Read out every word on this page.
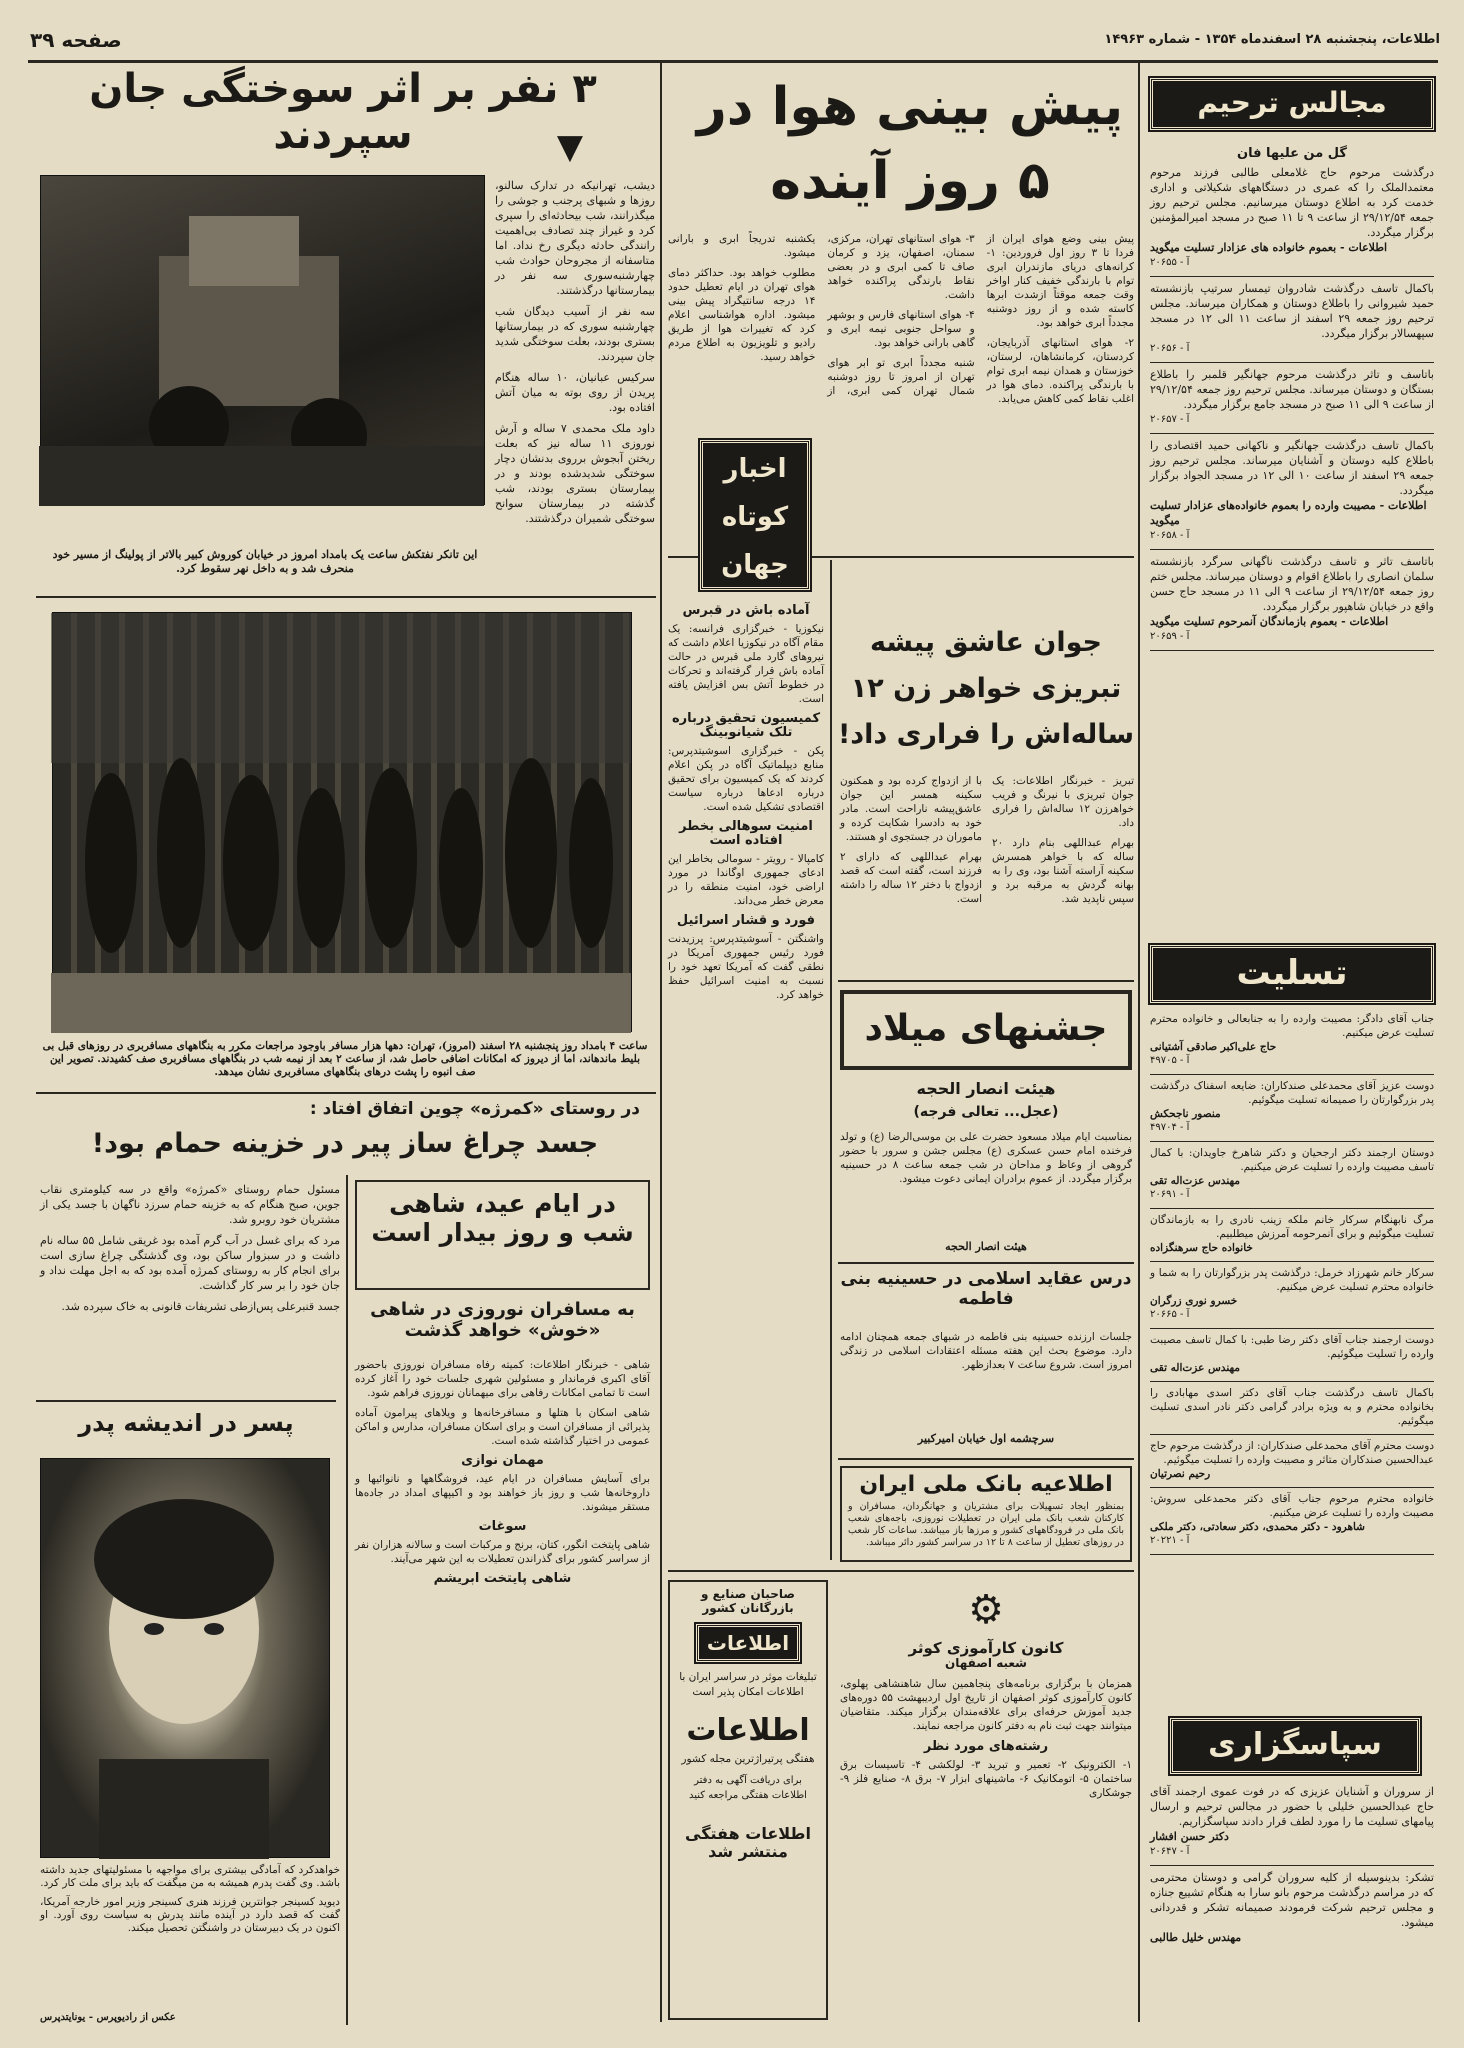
صفحه ۳۹	اطلاعات، پنجشنبه ۲۸ اسفندماه ۱۳۵۴ - شماره ۱۴۹۶۳
۳ نفر بر اثر سوختگی جان سپردند	▼

دیشب، تهرانیکه در تدارک سالنو، روزها و شبهای پرجنب و جوشی را میگذرانند، شب بیحادثه‌ای را سپری کرد و غیراز چند تصادف بی‌اهمیت رانندگی حادثه دیگری رخ نداد. اما متاسفانه از مجروحان حوادث شب چهارشنبه‌سوری سه نفر در بیمارستانها درگذشتند.

سه نفر از آسیب دیدگان شب چهارشنبه سوری که در بیمارستانها بستری بودند، بعلت سوختگی شدید جان سپردند.

سرکیس عبانیان، ۱۰ ساله هنگام پریدن از روی بوته به میان آتش افتاده بود.

داود ملک محمدی ۷ ساله و آرش نوروزی ۱۱ ساله نیز که بعلت ریختن آبجوش برروی بدنشان دچار سوختگی شدیدشده بودند و در بیمارستان بستری بودند، شب گذشته در بیمارستان سوانح سوختگی شمیران درگذشتند.

این تانکر نفتکش ساعت یک بامداد امروز در خیابان کوروش کبیر بالاتر از پولینگ از مسیر خود منحرف شد و به داخل نهر سقوط کرد.
ساعت ۴ بامداد روز پنجشنبه ۲۸ اسفند (امروز)، تهران: دهها هزار مسافر باوجود مراجعات مکرر به بنگاههای مسافربری در روزهای قبل بی بلیط ماندهاند، اما از دیروز که امکانات اضافی حاصل شد، از ساعت ۲ بعد از نیمه شب در بنگاههای مسافربری صف کشیدند. تصویر این صف انبوه را پشت درهای بنگاههای مسافربری نشان میدهد.
در روستای «کمرژه» چوین اتفاق افتاد :
جسد چراغ ساز پیر در خزینه حمام بود!

مسئول حمام روستای «کمرژه» واقع در سه کیلومتری نقاب جوین، صبح هنگام که به خزینه حمام سرزد ناگهان با جسد یکی از مشتریان خود روبرو شد.

مرد که برای غسل در آب گرم آمده بود غریقی شامل ۵۵ ساله نام داشت و در سبزوار ساکن بود، وی گذشتگی چراغ سازی است برای انجام کار به روستای کمرژه آمده بود که به اجل مهلت نداد و جان خود را بر سر کار گذاشت.

جسد قنبرعلی پس‌ازطی تشریفات قانونی به خاک سپرده شد.

پسر در اندیشه پدر

خواهدکرد که آمادگی بیشتری برای مواجهه با مسئولیتهای جدید داشته باشد. وی گفت پدرم همیشه به من میگفت که باید برای ملت کار کرد.

دیوید کسینجر جوانترین فرزند هنری کسینجر وزیر امور خارجه آمریکا، گفت که قصد دارد در آینده مانند پدرش به سیاست روی آورد. او اکنون در یک دبیرستان در واشنگتن تحصیل میکند.

عکس از رادیوپرس - یونایتدپرس
در ایام عید، شاهی شب و روز بیدار است
به مسافران نوروزی در شاهی «خوش» خواهد گذشت

شاهی - خبرنگار اطلاعات: کمیته رفاه مسافران نوروزی باحضور آقای اکبری فرماندار و مسئولین شهری جلسات خود را آغاز کرده است تا تمامی امکانات رفاهی برای میهمانان نوروزی فراهم شود.

شاهی اسکان با هتلها و مسافرخانه‌ها و ویلاهای پیرامون آماده پذیرائی از مسافران است و برای اسکان مسافران، مدارس و اماکن عمومی در اختیار گذاشته شده است.

مهمان نوازی

برای آسایش مسافران در ایام عید، فروشگاهها و نانوائیها و داروخانه‌ها شب و روز باز خواهند بود و اکیپهای امداد در جاده‌ها مستقر میشوند.

سوغات

شاهی پایتخت انگور، کتان، برنج و مرکبات است و سالانه هزاران نفر از سراسر کشور برای گذراندن تعطیلات به این شهر می‌آیند.

شاهی پایتخت ابریشم
پیش بینی هوا در ۵ روز آینده

پیش بینی وضع هوای ایران از فردا تا ۳ روز اول فروردین: ۱- کرانه‌های دریای مازندران ابری توام با بارندگی خفیف کنار اواخر وقت جمعه موقتاً ازشدت ابرها کاسته شده و از روز دوشنبه مجدداً ابری خواهد بود.

۲- هوای استانهای آذربایجان، کردستان، کرمانشاهان، لرستان، خوزستان و همدان نیمه ابری توام با بارندگی پراکنده. دمای هوا در اغلب نقاط کمی کاهش می‌یابد.

۳- هوای استانهای تهران، مرکزی، سمنان، اصفهان، یزد و کرمان صاف تا کمی ابری و در بعضی نقاط بارندگی پراکنده خواهد داشت.

۴- هوای استانهای فارس و بوشهر و سواحل جنوبی نیمه ابری و گاهی بارانی خواهد بود.

شنبه مجدداً ابری تو ابر هوای تهران از امروز تا روز دوشنبه شمال تهران کمی ابری، از یکشنبه تدریجاً ابری و بارانی میشود.

مطلوب خواهد بود. حداکثر دمای هوای تهران در ایام تعطیل حدود ۱۴ درجه سانتیگراد پیش بینی میشود. اداره هواشناسی اعلام کرد که تغییرات هوا از طریق رادیو و تلویزیون به اطلاع مردم خواهد رسید.

اخبار کوتاه جهان
آماده باش در قبرس

نیکوزیا - خبرگزاری فرانسه: یک مقام آگاه در نیکوزیا اعلام داشت که نیروهای گارد ملی قبرس در حالت آماده باش قرار گرفته‌اند و تحرکات در خطوط آتش بس افزایش یافته است.

کمیسیون تحقیق درباره تلک شیانوبینگ

پکن - خبرگزاری اسوشیتدپرس: منابع دیپلماتیک آگاه در پکن اعلام کردند که یک کمیسیون برای تحقیق درباره ادعاها درباره سیاست اقتصادی تشکیل شده است.

امنیت سوهالی بخطر افتاده است

کامپالا - رویتر - سومالی بخاطر این ادعای جمهوری اوگاندا در مورد اراضی خود، امنیت منطقه را در معرض خطر می‌داند.

فورد و قشار اسرائیل

واشنگتن - آسوشیتدپرس: پرزیدنت فورد رئیس جمهوری آمریکا در نطقی گفت که آمریکا تعهد خود را نسبت به امنیت اسرائیل حفظ خواهد کرد.

جوان عاشق پیشه تبریزی خواهر زن ۱۲ ساله‌اش را فراری داد!

تبریز - خبرنگار اطلاعات: یک جوان تبریزی با نیرنگ و فریب خواهرزن ۱۲ ساله‌اش را فراری داد.

بهرام عبداللهی بنام دارد ۲۰ ساله که با خواهر همسرش سکینه آراسته آشنا بود، وی را به بهانه گردش به مرقبه برد و سپس ناپدید شد.

با از ازدواج کرده بود و همکنون سکینه همسر این جوان عاشق‌پیشه ناراحت است. مادر خود به دادسرا شکایت کرده و ماموران در جستجوی او هستند.

بهرام عبداللهی که دارای ۲ فرزند است، گفته است که قصد ازدواج با دختر ۱۲ ساله را داشته است.

جشنهای میلاد
هیئت انصار الحجه
(عجل... تعالی فرجه)
بمناسبت ایام میلاد مسعود حضرت علی بن موسی‌الرضا (ع) و تولد فرخنده امام حسن عسکری (ع) مجلس جشن و سرور با حضور گروهی از وعاظ و مداحان در شب جمعه ساعت ۸ در حسینیه برگزار میگردد. از عموم برادران ایمانی دعوت میشود.
هیئت انصار الحجه
درس عقاید اسلامی در حسینیه بنی فاطمه
جلسات ارزنده حسینیه بنی فاطمه در شبهای جمعه همچنان ادامه دارد. موضوع بحث این هفته مسئله اعتقادات اسلامی در زندگی امروز است. شروع ساعت ۷ بعدازظهر.
سرچشمه اول خیابان امیرکبیر
اطلاعیه بانک ملی ایران
بمنظور ایجاد تسهیلات برای مشتریان و جهانگردان، مسافران و کارکنان شعب بانک ملی ایران در تعطیلات نوروزی، باجه‌های شعب بانک ملی در فرودگاههای کشور و مرزها باز میباشد. ساعات کار شعب در روزهای تعطیل از ساعت ۸ تا ۱۲ در سراسر کشور دائر میباشد.
صاحبان صنایع و بازرگانان کشور
اطلاعات
تبلیغات موثر در سراسر ایران با اطلاعات امکان پذیر است
اطلاعات
هفتگی پرتیراژترین مجله کشور
برای دریافت آگهی به دفتر اطلاعات هفتگی مراجعه کنید
اطلاعات هفتگی
منتشر شد
⚙
کانون کارآموزی کوثر
شعبه اصفهان
همزمان با برگزاری برنامه‌های پنجاهمین سال شاهنشاهی پهلوی، کانون کارآموزی کوثر اصفهان از تاریخ اول اردیبهشت ۵۵ دوره‌های جدید آموزش حرفه‌ای برای علاقه‌مندان برگزار میکند. متقاضیان میتوانند جهت ثبت نام به دفتر کانون مراجعه نمایند.
رشته‌های مورد نظر
۱- الکترونیک ۲- تعمیر و تبرید ۳- لولکشی ۴- تاسیسات برق ساختمان ۵- اتومکانیک ۶- ماشینهای ابزار ۷- برق ۸- صنایع فلز ۹- جوشکاری
مجالس ترحیم
گل من علیها فان
درگذشت مرحوم حاج غلامعلی طالبی فرزند مرحوم معتمدالملک را که عمری در دستگاههای شکیلاتی و اداری خدمت کرد به اطلاع دوستان میرسانیم. مجلس ترحیم روز جمعه ۲۹/۱۲/۵۴ از ساعت ۹ تا ۱۱ صبح در مسجد امیرالمؤمنین برگزار میگردد.
اطلاعات - بعموم خانواده های عزادار تسلیت میگوید
آ - ۲۰۶۵۵
باکمال تاسف درگذشت شادروان تیمسار سرتیپ بازنشسته حمید شیروانی را باطلاع دوستان و همکاران میرساند. مجلس ترحیم روز جمعه ۲۹ اسفند از ساعت ۱۱ الی ۱۲ در مسجد سپهسالار برگزار میگردد.
آ - ۲۰۶۵۶
باتاسف و تاثر درگذشت مرحوم جهانگیر قلمبر را باطلاع بستگان و دوستان میرساند. مجلس ترحیم روز جمعه ۲۹/۱۲/۵۴ از ساعت ۹ الی ۱۱ صبح در مسجد جامع برگزار میگردد.
آ - ۲۰۶۵۷
باکمال تاسف درگذشت جهانگیر و ناکهانی حمید اقتصادی را باطلاع کلیه دوستان و آشنایان میرساند. مجلس ترحیم روز جمعه ۲۹ اسفند از ساعت ۱۰ الی ۱۲ در مسجد الجواد برگزار میگردد.
اطلاعات - مصیبت وارده را بعموم خانواده‌های عزادار تسلیت میگوید
آ - ۲۰۶۵۸
باتاسف تاثر و تاسف درگذشت ناگهانی سرگرد بازنشسته سلمان انصاری را باطلاع اقوام و دوستان میرساند. مجلس ختم روز جمعه ۲۹/۱۲/۵۴ از ساعت ۹ الی ۱۱ در مسجد حاج حسن واقع در خیابان شاهپور برگزار میگردد.
اطلاعات - بعموم بازماندگان آنمرحوم تسلیت میگوید
آ - ۲۰۶۵۹
تسلیت
جناب آقای دادگر: مصیبت وارده را به جنابعالی و خانواده محترم تسلیت عرض میکنیم.
حاج علی‌اکبر صادقی آشتیانی
آ - ۴۹۷۰۵
دوست عزیز آقای محمدعلی صندکاران: ضایعه اسفناک درگذشت پدر بزرگوارتان را صمیمانه تسلیت میگوئیم.
منصور ناجحکش
آ - ۴۹۷۰۴
دوستان ارجمند دکتر ارجحیان و دکتر شاهرخ جاویدان: با کمال تاسف مصیبت وارده را تسلیت عرض میکنیم.
مهندس عزت‌اله تقی
آ - ۲۰۶۹۱
مرگ نابهنگام سرکار خانم ملکه زینب نادری را به بازماندگان تسلیت میگوئیم و برای آنمرحومه آمرزش میطلبیم.
خانواده حاج سرهنگزاده
سرکار خانم شهرزاد خرمل: درگذشت پدر بزرگوارتان را به شما و خانواده محترم تسلیت عرض میکنیم.
خسرو نوری زرگران
آ - ۲۰۶۶۵
دوست ارجمند جناب آقای دکتر رضا طبی: با کمال تاسف مصیبت وارده را تسلیت میگوئیم.
مهندس عزت‌اله تقی
باکمال تاسف درگذشت جناب آقای دکتر اسدی مهابادی را بخانواده محترم و به ویژه برادر گرامی دکتر نادر اسدی تسلیت میگوئیم.
دوست محترم آقای محمدعلی صندکاران: از درگذشت مرحوم حاج عبدالحسین صندکاران متاثر و مصیبت وارده را تسلیت میگوئیم.
رحیم نصرتیان
خانواده محترم مرحوم جناب آقای دکتر محمدعلی سروش: مصیبت وارده را تسلیت عرض میکنیم.
شاهرود - دکتر محمدی، دکتر سعادتی، دکتر ملکی
آ - ۲۰۲۲۱
سپاسگزاری
از سروران و آشنایان عزیزی که در فوت عموی ارجمند آقای حاج عبدالحسین خلیلی با حضور در مجالس ترحیم و ارسال پیامهای تسلیت ما را مورد لطف قرار دادند سپاسگزاریم.
دکتر حسن افشار
آ - ۲۰۶۴۷
تشکر: بدینوسیله از کلیه سروران گرامی و دوستان محترمی که در مراسم درگذشت مرحوم بانو سارا به هنگام تشییع جنازه و مجلس ترحیم شرکت فرمودند صمیمانه تشکر و قدردانی میشود.
مهندس خلیل طالبی
